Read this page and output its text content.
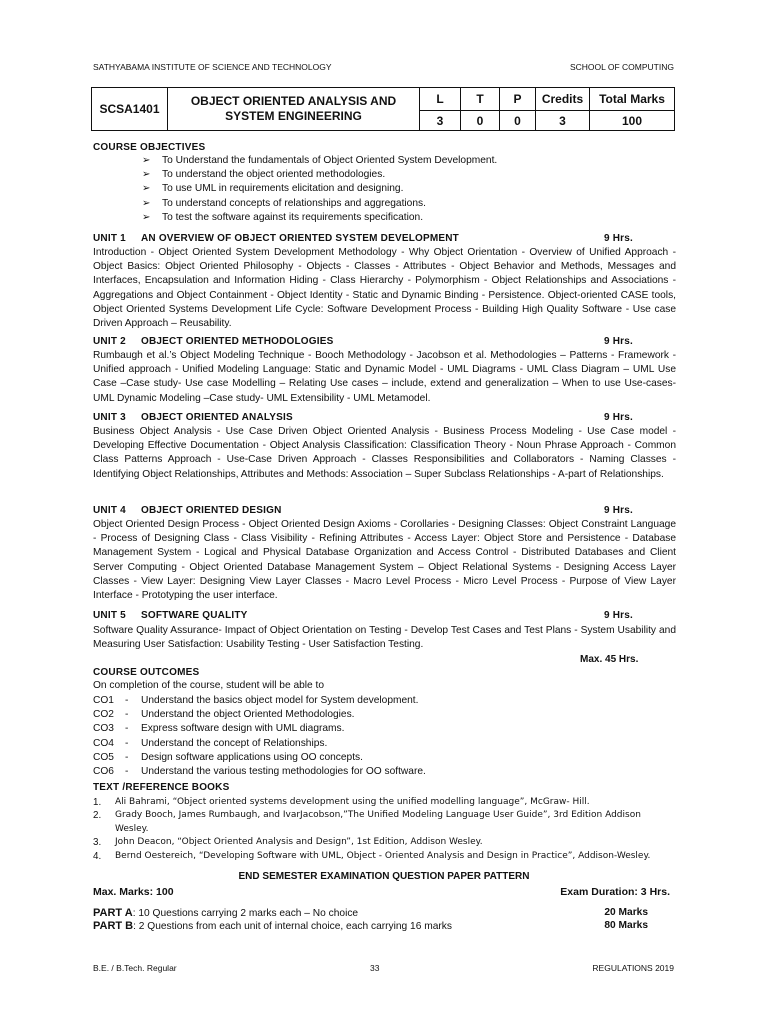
SATHYABAMA INSTITUTE OF SCIENCE AND TECHNOLOGY	SCHOOL OF COMPUTING
SCSA1401	OBJECT ORIENTED ANALYSIS AND
SYSTEM ENGINEERING	L	T	P	Credits	Total Marks
		3	0	0	3	100
COURSE OBJECTIVES
➢ To Understand the fundamentals of Object Oriented System Development.
➢ To understand the object oriented methodologies.
➢ To use UML in requirements elicitation and designing.
➢ To understand concepts of relationships and aggregations.
➢ To test the software against its requirements specification.
UNIT 1 AN OVERVIEW OF OBJECT ORIENTED SYSTEM DEVELOPMENT	9 Hrs.

Introduction - Object Oriented System Development Methodology - Why Object Orientation - Overview of Unified Approach - Object Basics: Object Oriented Philosophy - Objects - Classes - Attributes - Object Behavior and Methods, Messages and Interfaces, Encapsulation and Information Hiding - Class Hierarchy - Polymorphism - Object Relationships and Associations - Aggregations and Object Containment - Object Identity - Static and Dynamic Binding - Persistence. Object-oriented CASE tools, Object Oriented Systems Development Life Cycle: Software Development Process - Building High Quality Software - Use case Driven Approach – Reusability.

UNIT 2 OBJECT ORIENTED METHODOLOGIES	9 Hrs.

Rumbaugh et al.’s Object Modeling Technique - Booch Methodology - Jacobson et al. Methodologies – Patterns - Framework - Unified approach - Unified Modeling Language: Static and Dynamic Model - UML Diagrams - UML Class Diagram – UML Use Case –Case study- Use case Modelling – Relating Use cases – include, extend and generalization – When to use Use-cases- UML Dynamic Modeling –Case study- UML Extensibility - UML Metamodel.

UNIT 3 OBJECT ORIENTED ANALYSIS	9 Hrs.

Business Object Analysis - Use Case Driven Object Oriented Analysis - Business Process Modeling - Use Case model - Developing Effective Documentation - Object Analysis Classification: Classification Theory - Noun Phrase Approach - Common Class Patterns Approach - Use-Case Driven Approach - Classes Responsibilities and Collaborators - Naming Classes - Identifying Object Relationships, Attributes and Methods: Association – Super Subclass Relationships - A-part of Relationships.

UNIT 4 OBJECT ORIENTED DESIGN	9 Hrs.

Object Oriented Design Process - Object Oriented Design Axioms - Corollaries - Designing Classes: Object Constraint Language - Process of Designing Class - Class Visibility - Refining Attributes - Access Layer: Object Store and Persistence - Database Management System - Logical and Physical Database Organization and Access Control - Distributed Databases and Client Server Computing - Object Oriented Database Management System – Object Relational Systems - Designing Access Layer Classes - View Layer: Designing View Layer Classes - Macro Level Process - Micro Level Process - Purpose of View Layer Interface - Prototyping the user interface.

UNIT 5 SOFTWARE QUALITY	9 Hrs.

Software Quality Assurance- Impact of Object Orientation on Testing - Develop Test Cases and Test Plans - System Usability and Measuring User Satisfaction: Usability Testing - User Satisfaction Testing.

Max. 45 Hrs.
COURSE OUTCOMES
On completion of the course, student will be able to
CO1 - Understand the basics object model for System development.
CO2 - Understand the object Oriented Methodologies.
CO3 - Express software design with UML diagrams.
CO4 - Understand the concept of Relationships.
CO5 - Design software applications using OO concepts.
CO6 - Understand the various testing methodologies for OO software.
TEXT /REFERENCE BOOKS
1.	Ali Bahrami, “Object oriented systems development using the unified modelling language”, McGraw- Hill.
2.	Grady Booch, James Rumbaugh, and IvarJacobson,”The Unified Modeling Language User Guide”, 3rd Edition Addison Wesley.
3.	John Deacon, “Object Oriented Analysis and Design”, 1st Edition, Addison Wesley.
4.	Bernd Oestereich, “Developing Software with UML, Object - Oriented Analysis and Design in Practice”, Addison-Wesley.
END SEMESTER EXAMINATION QUESTION PAPER PATTERN
Max. Marks: 100	Exam Duration: 3 Hrs.
PART A: 10 Questions carrying 2 marks each – No choice	20 Marks
PART B: 2 Questions from each unit of internal choice, each carrying 16 marks	80 Marks
B.E. / B.Tech. Regular	33	REGULATIONS 2019
